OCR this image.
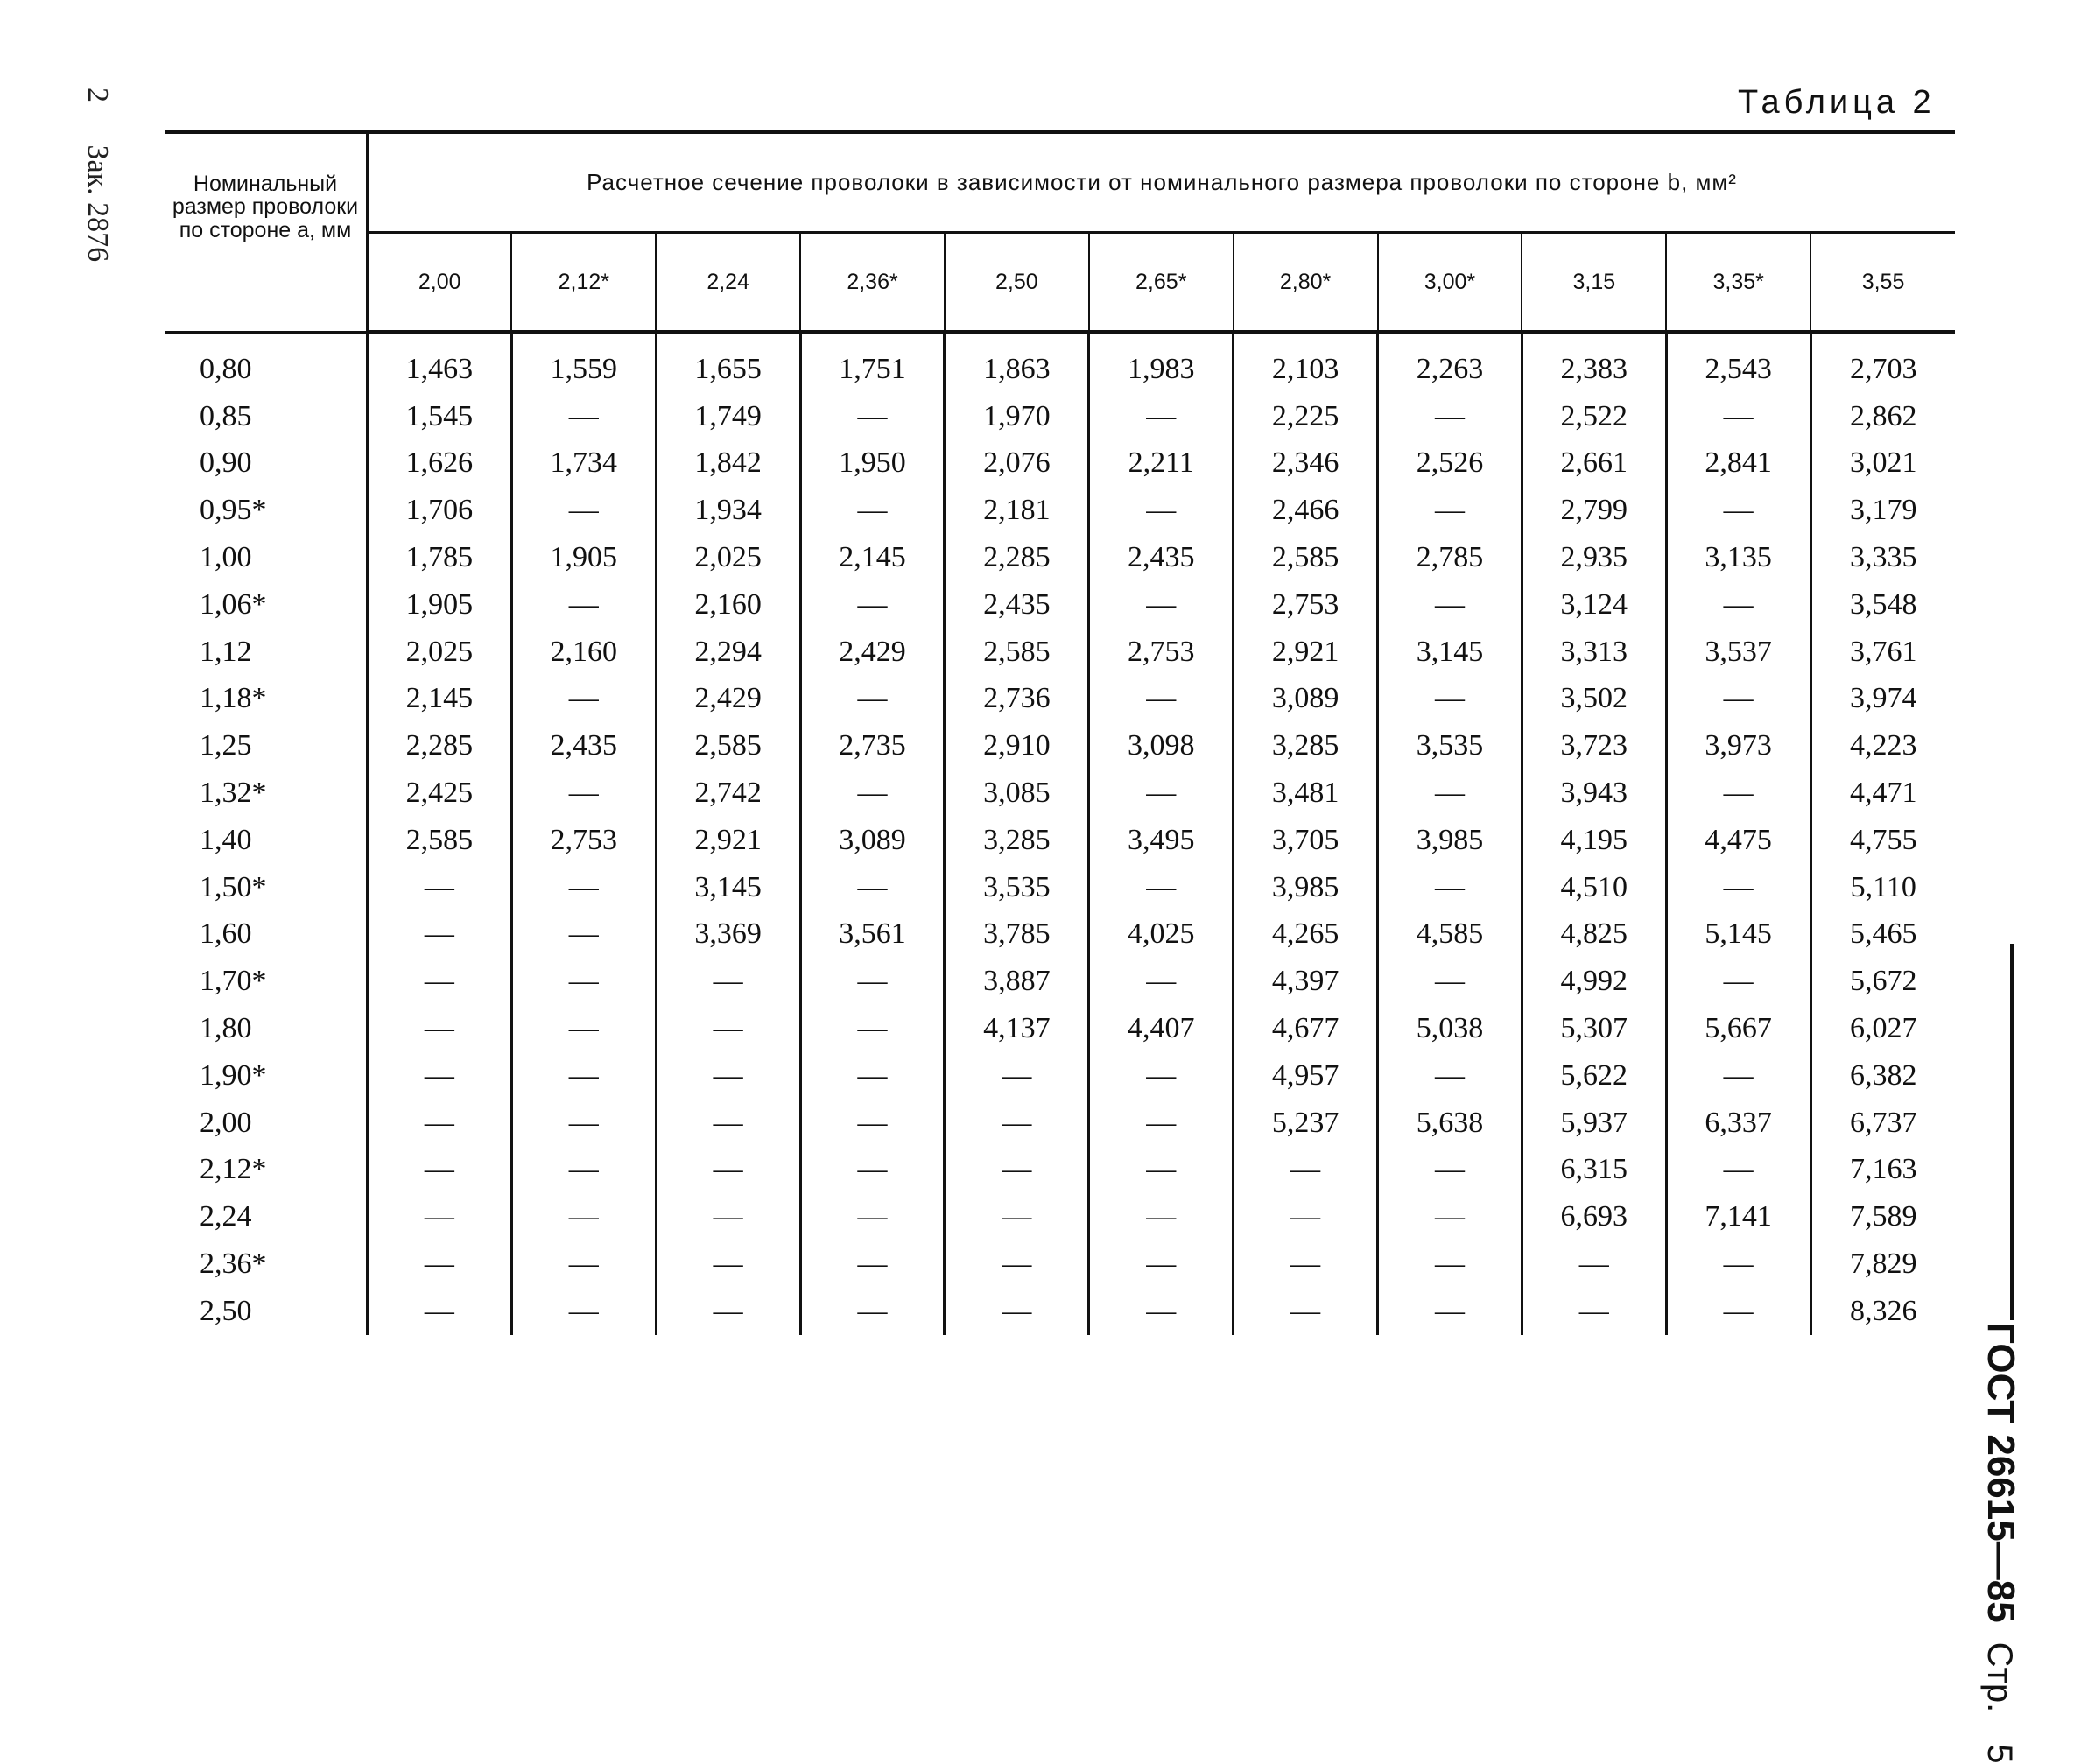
2 Зак. 2876
Таблица 2
Номинальный размер проволоки по стороне a, мм	Расчетное сечение проволоки в зависимости от номинального размера проволоки по стороне b, мм²										
	2,00	2,12*	2,24	2,36*	2,50	2,65*	2,80*	3,00*	3,15	3,35*	3,55
0,80	1,463	1,559	1,655	1,751	1,863	1,983	2,103	2,263	2,383	2,543	2,703
0,85	1,545	—	1,749	—	1,970	—	2,225	—	2,522	—	2,862
0,90	1,626	1,734	1,842	1,950	2,076	2,211	2,346	2,526	2,661	2,841	3,021
0,95*	1,706	—	1,934	—	2,181	—	2,466	—	2,799	—	3,179
1,00	1,785	1,905	2,025	2,145	2,285	2,435	2,585	2,785	2,935	3,135	3,335
1,06*	1,905	—	2,160	—	2,435	—	2,753	—	3,124	—	3,548
1,12	2,025	2,160	2,294	2,429	2,585	2,753	2,921	3,145	3,313	3,537	3,761
1,18*	2,145	—	2,429	—	2,736	—	3,089	—	3,502	—	3,974
1,25	2,285	2,435	2,585	2,735	2,910	3,098	3,285	3,535	3,723	3,973	4,223
1,32*	2,425	—	2,742	—	3,085	—	3,481	—	3,943	—	4,471
1,40	2,585	2,753	2,921	3,089	3,285	3,495	3,705	3,985	4,195	4,475	4,755
1,50*	—	—	3,145	—	3,535	—	3,985	—	4,510	—	5,110
1,60	—	—	3,369	3,561	3,785	4,025	4,265	4,585	4,825	5,145	5,465
1,70*	—	—	—	—	3,887	—	4,397	—	4,992	—	5,672
1,80	—	—	—	—	4,137	4,407	4,677	5,038	5,307	5,667	6,027
1,90*	—	—	—	—	—	—	4,957	—	5,622	—	6,382
2,00	—	—	—	—	—	—	5,237	5,638	5,937	6,337	6,737
2,12*	—	—	—	—	—	—	—	—	6,315	—	7,163
2,24	—	—	—	—	—	—	—	—	6,693	7,141	7,589
2,36*	—	—	—	—	—	—	—	—	—	—	7,829
2,50	—	—	—	—	—	—	—	—	—	—	8,326
ГОСТ 26615—85Стр.5
